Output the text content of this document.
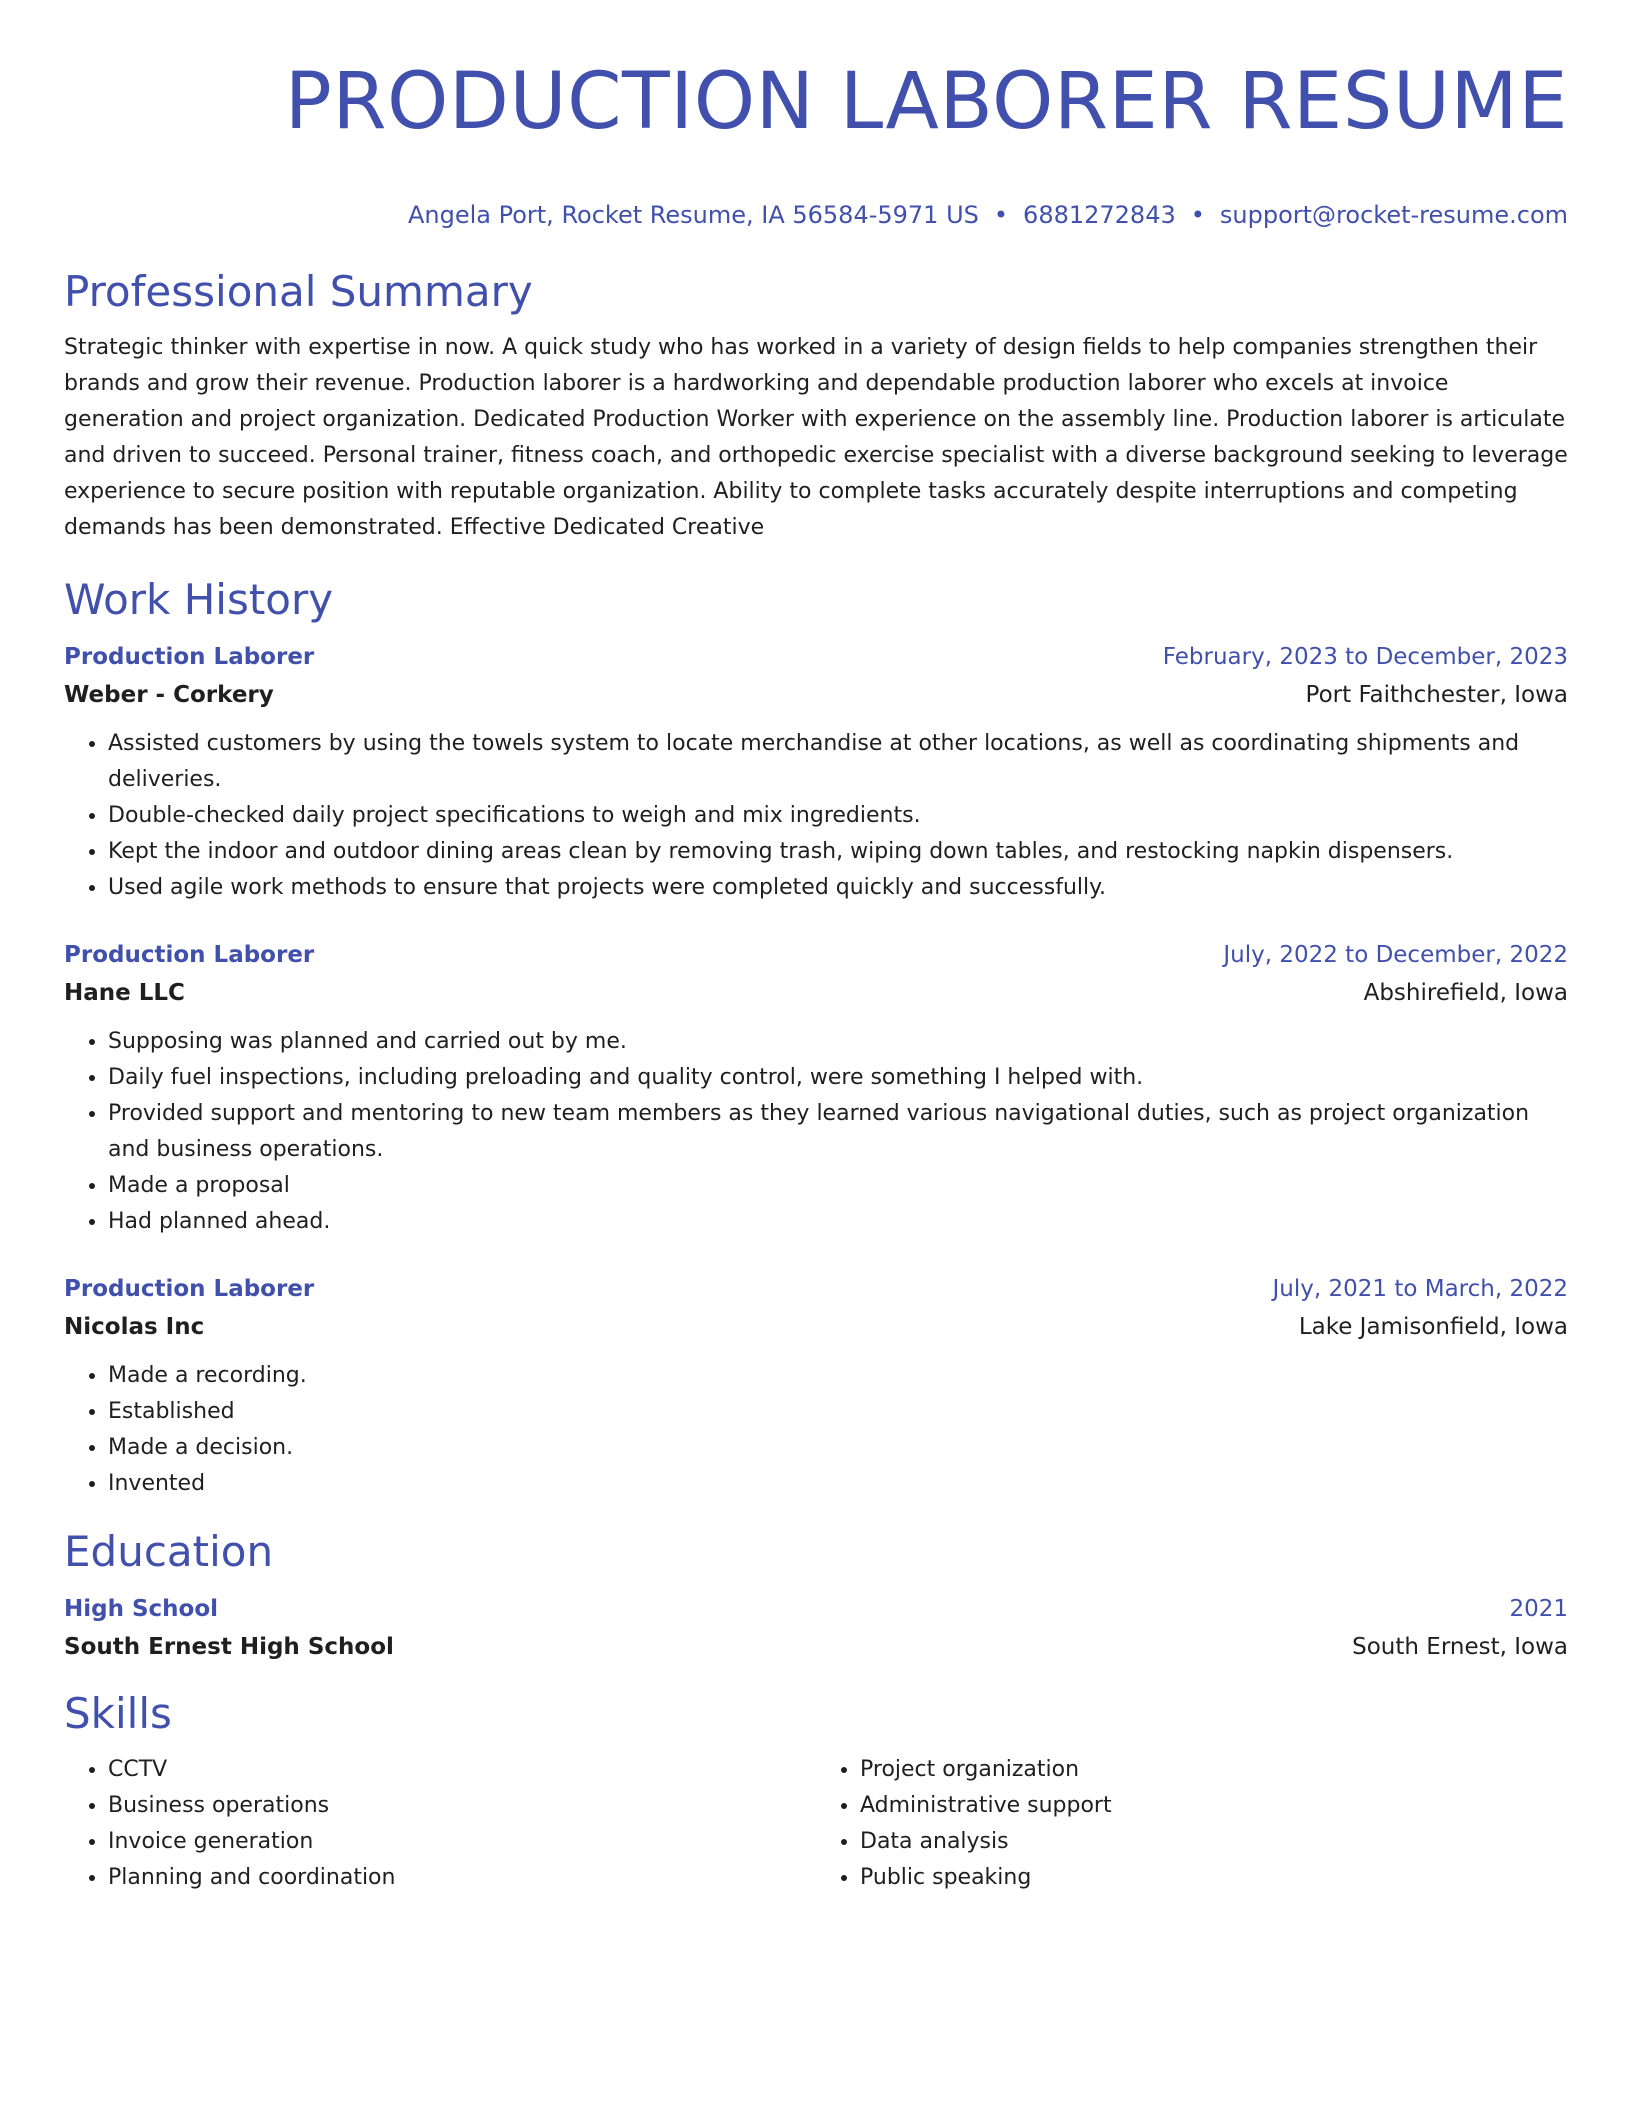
PRODUCTION LABORER RESUME
Angela Port, Rocket Resume, IA 56584-5971 US • 6881272843 • support@rocket-resume.com
Professional Summary
Strategic thinker with expertise in now. A quick study who has worked in a variety of design fields to help companies strengthen their brands and grow their revenue. Production laborer is a hardworking and dependable production laborer who excels at invoice generation and project organization. Dedicated Production Worker with experience on the assembly line. Production laborer is articulate and driven to succeed. Personal trainer, fitness coach, and orthopedic exercise specialist with a diverse background seeking to leverage experience to secure position with reputable organization. Ability to complete tasks accurately despite interruptions and competing demands has been demonstrated. Effective Dedicated Creative
Work History
Production Laborer	February, 2023 to December, 2023
Weber - Corkery	Port Faithchester, Iowa
• Assisted customers by using the towels system to locate merchandise at other locations, as well as coordinating shipments and deliveries.
• Double-checked daily project specifications to weigh and mix ingredients.
• Kept the indoor and outdoor dining areas clean by removing trash, wiping down tables, and restocking napkin dispensers.
• Used agile work methods to ensure that projects were completed quickly and successfully.
Production Laborer	July, 2022 to December, 2022
Hane LLC	Abshirefield, Iowa
• Supposing was planned and carried out by me.
• Daily fuel inspections, including preloading and quality control, were something I helped with.
• Provided support and mentoring to new team members as they learned various navigational duties, such as project organization and business operations.
• Made a proposal
• Had planned ahead.
Production Laborer	July, 2021 to March, 2022
Nicolas Inc	Lake Jamisonfield, Iowa
• Made a recording.
• Established
• Made a decision.
• Invented
Education
High School	2021
South Ernest High School	South Ernest, Iowa
Skills
• CCTV
• Business operations
• Invoice generation
• Planning and coordination
• Project organization
• Administrative support
• Data analysis
• Public speaking
